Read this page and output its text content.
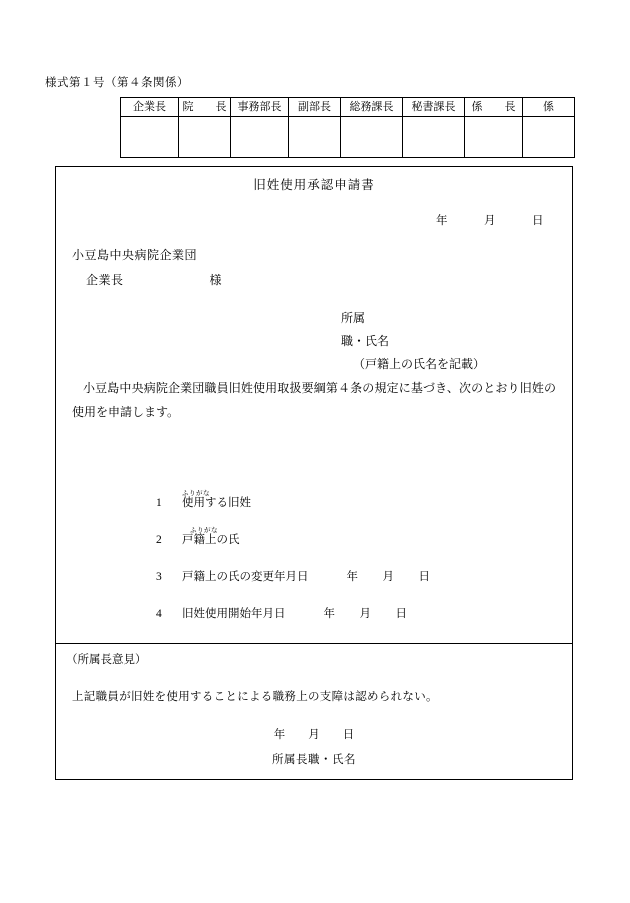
様式第１号（第４条関係）
企業長	院　　長	事務部長	副部長	総務課長	秘書課長	係　　長	係

旧姓使用承認申請書
年　　　月　　　日
小豆島中央病院企業団
企業長	様
所属
職・氏名
（戸籍上の氏名を記載）
小豆島中央病院企業団職員旧姓使用取扱要綱第４条の規定に基づき、次のとおり旧姓の使用を申請します。
ふりがな
1 使用する旧姓
ふりがな
2 戸籍上の氏
3 戸籍上の氏の変更年月日	年　　月　　日
4 旧姓使用開始年月日	年　　月　　日
（所属長意見）
上記職員が旧姓を使用することによる職務上の支障は認められない。
年　　月　　日
所属長職・氏名
